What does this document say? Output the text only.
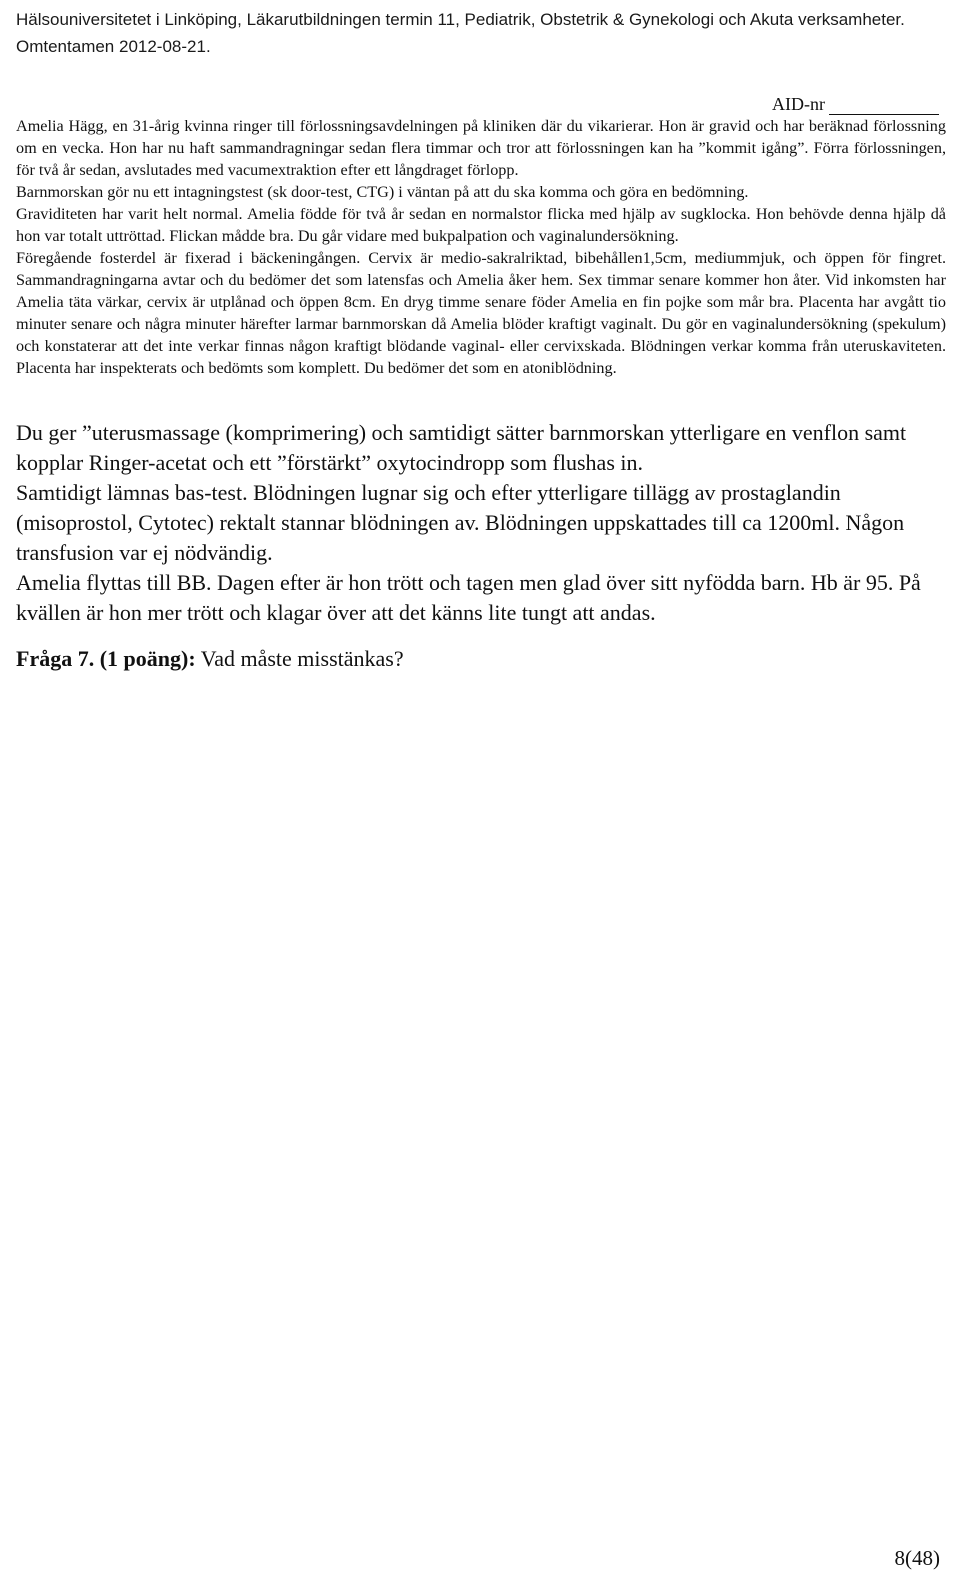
Hälsouniversitetet i Linköping, Läkarutbildningen termin 11, Pediatrik, Obstetrik & Gynekologi och Akuta verksamheter.
Omtentamen 2012-08-21.
AID-nr

Amelia Hägg, en 31-årig kvinna ringer till förlossningsavdelningen på kliniken där du vikarierar. Hon är gravid och har beräknad förlossning om en vecka. Hon har nu haft sammandragningar sedan flera timmar och tror att förlossningen kan ha ”kommit igång”. Förra förlossningen, för två år sedan, avslutades med vacumextraktion efter ett långdraget förlopp.

Barnmorskan gör nu ett intagningstest (sk door-test, CTG) i väntan på att du ska komma och göra en bedömning.

Graviditeten har varit helt normal. Amelia födde för två år sedan en normalstor flicka med hjälp av sugklocka. Hon behövde denna hjälp då hon var totalt uttröttad. Flickan mådde bra. Du går vidare med bukpalpation och vaginalundersökning.

Föregående fosterdel är fixerad i bäckeningången. Cervix är medio-sakralriktad, bibehållen1,5cm, mediummjuk, och öppen för fingret. Sammandragningarna avtar och du bedömer det som latensfas och Amelia åker hem. Sex timmar senare kommer hon åter. Vid inkomsten har Amelia täta värkar, cervix är utplånad och öppen 8cm. En dryg timme senare föder Amelia en fin pojke som mår bra. Placenta har avgått tio minuter senare och några minuter härefter larmar barnmorskan då Amelia blöder kraftigt vaginalt. Du gör en vaginalundersökning (spekulum) och konstaterar att det inte verkar finnas någon kraftigt blödande vaginal- eller cervixskada. Blödningen verkar komma från uteruskaviteten. Placenta har inspekterats och bedömts som komplett. Du bedömer det som en atoniblödning.

Du ger ”uterusmassage (komprimering) och samtidigt sätter barnmorskan ytterligare en venflon samt kopplar Ringer-acetat och ett ”förstärkt” oxytocindropp som flushas in.

Samtidigt lämnas bas-test. Blödningen lugnar sig och efter ytterligare tillägg av prostaglandin (misoprostol, Cytotec) rektalt stannar blödningen av. Blödningen uppskattades till ca 1200ml. Någon transfusion var ej nödvändig.

Amelia flyttas till BB. Dagen efter är hon trött och tagen men glad över sitt nyfödda barn. Hb är 95. På kvällen är hon mer trött och klagar över att det känns lite tungt att andas.

Fråga 7. (1 poäng): Vad måste misstänkas?
8(48)
